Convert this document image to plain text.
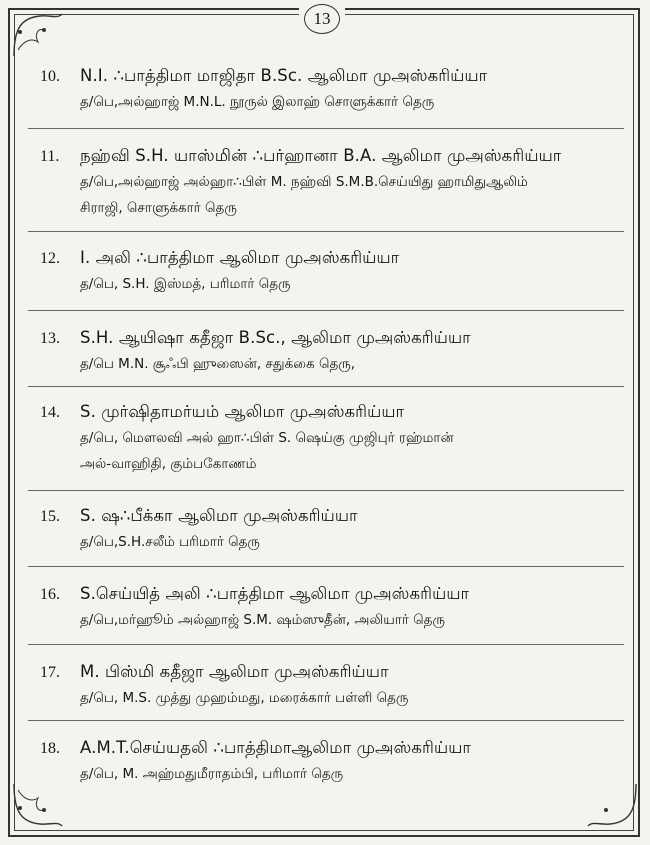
13
10.	N.I. ∴பாத்திமா மாஜிதா B.Sc. ஆலிமா முஅஸ்கரிய்யா
த/பெ,அல்ஹாஜ் M.N.L. நூருல் இலாஹ் சொளுக்கார் தெரு
11.	நஹ்வி S.H. யாஸ்மின் ∴பர்ஹானா B.A. ஆலிமா முஅஸ்கரிய்யா
த/பெ,அல்ஹாஜ் அல்ஹா∴பிள் M. நஹ்வி S.M.B.செய்யிது ஹாமிதுஆலிம்
சிராஜி, சொளுக்கார் தெரு
12.	I. அலி ∴பாத்திமா ஆலிமா முஅஸ்கரிய்யா
த/பெ, S.H. இஸ்மத், பரிமார் தெரு
13.	S.H. ஆயிஷா கதீஜா B.Sc., ஆலிமா முஅஸ்கரிய்யா
த/பெ M.N. சூஃபி ஹுஸைன், சதுக்கை தெரு,
14.	S. முர்ஷிதாமர்யம் ஆலிமா முஅஸ்கரிய்யா
த/பெ, மௌலவி அல் ஹா∴பிள் S. ஷெய்கு முஜிபுர் ரஹ்மான்
அல்-வாஹிதி, கும்பகோணம்
15.	S. ஷ∴பீக்கா ஆலிமா முஅஸ்கரிய்யா
த/பெ,S.H.சலீம் பரிமார் தெரு
16.	S.செய்யித் அலி ∴பாத்திமா ஆலிமா முஅஸ்கரிய்யா
த/பெ,மர்ஹூம் அல்ஹாஜ் S.M. ஷம்ஸுதீன், அலியார் தெரு
17.	M. பிஸ்மி கதீஜா ஆலிமா முஅஸ்கரிய்யா
த/பெ, M.S. முத்து முஹம்மது, மரைக்கார் பள்ளி தெரு
18.	A.M.T.செய்யதலி ∴பாத்திமாஆலிமா முஅஸ்கரிய்யா
த/பெ, M. அஹ்மதுமீராதம்பி, பரிமார் தெரு
